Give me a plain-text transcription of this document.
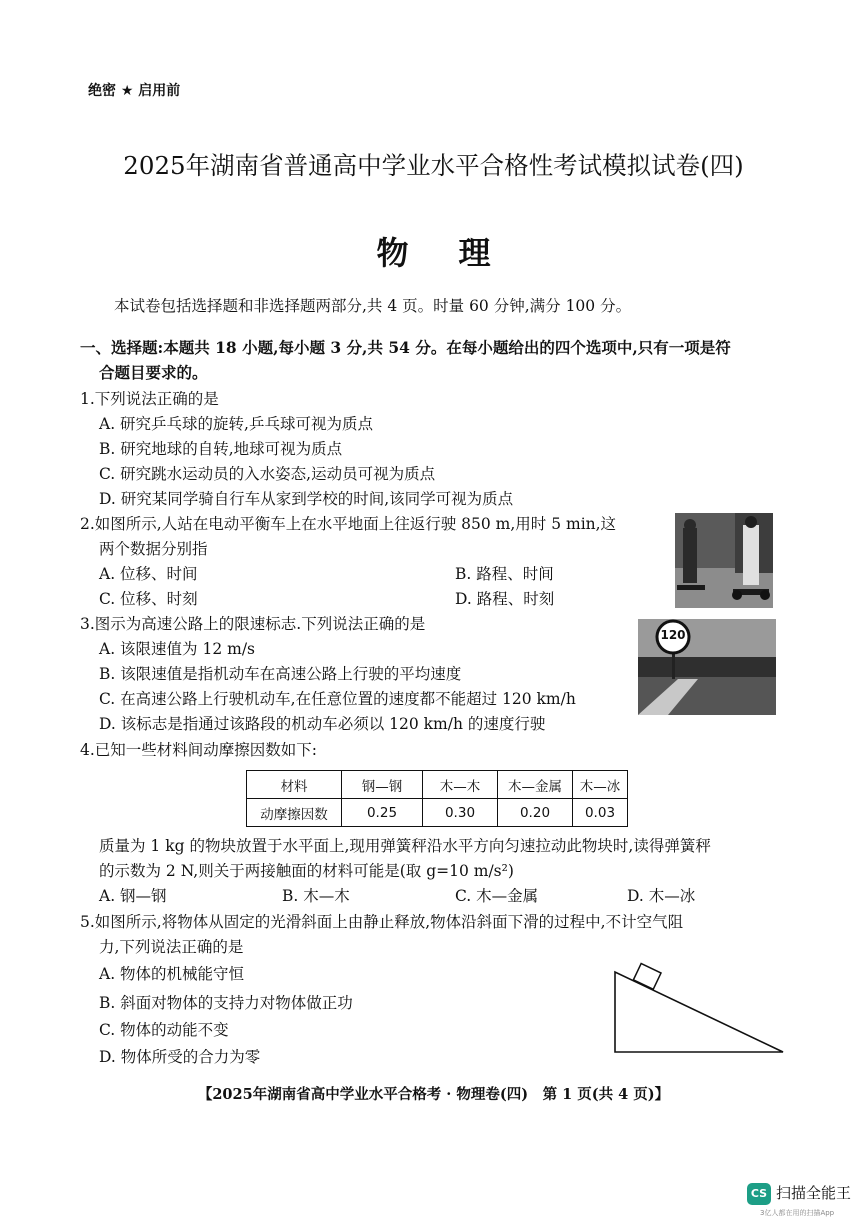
绝密 ★ 启用前
2025年湖南省普通高中学业水平合格性考试模拟试卷(四)
物理
本试卷包括选择题和非选择题两部分,共 4 页。时量 60 分钟,满分 100 分。
一、选择题:本题共 18 小题,每小题 3 分,共 54 分。在每小题给出的四个选项中,只有一项是符
合题目要求的。
1.下列说法正确的是
A. 研究乒乓球的旋转,乒乓球可视为质点
B. 研究地球的自转,地球可视为质点
C. 研究跳水运动员的入水姿态,运动员可视为质点
D. 研究某同学骑自行车从家到学校的时间,该同学可视为质点
2.如图所示,人站在电动平衡车上在水平地面上往返行驶 850 m,用时 5 min,这
两个数据分别指
A. 位移、时间	B. 路程、时间
C. 位移、时刻	D. 路程、时刻
3.图示为高速公路上的限速标志.下列说法正确的是
A. 该限速值为 12 m/s
B. 该限速值是指机动车在高速公路上行驶的平均速度
C. 在高速公路上行驶机动车,在任意位置的速度都不能超过 120 km/h
D. 该标志是指通过该路段的机动车必须以 120 km/h 的速度行驶
120
4.已知一些材料间动摩擦因数如下:
材料	钢—钢	木—木	木—金属	木—冰
动摩擦因数	0.25	0.30	0.20	0.03
质量为 1 kg 的物块放置于水平面上,现用弹簧秤沿水平方向匀速拉动此物块时,读得弹簧秤
的示数为 2 N,则关于两接触面的材料可能是(取 g=10 m/s²)
A. 钢—钢	B. 木—木	C. 木—金属	D. 木—冰
5.如图所示,将物体从固定的光滑斜面上由静止释放,物体沿斜面下滑的过程中,不计空气阻
力,下列说法正确的是
A. 物体的机械能守恒
B. 斜面对物体的支持力对物体做正功
C. 物体的动能不变
D. 物体所受的合力为零
【2025年湖南省高中学业水平合格考 · 物理卷(四)　第 1 页(共 4 页)】
CS 扫描全能王
3亿人都在用的扫描App
